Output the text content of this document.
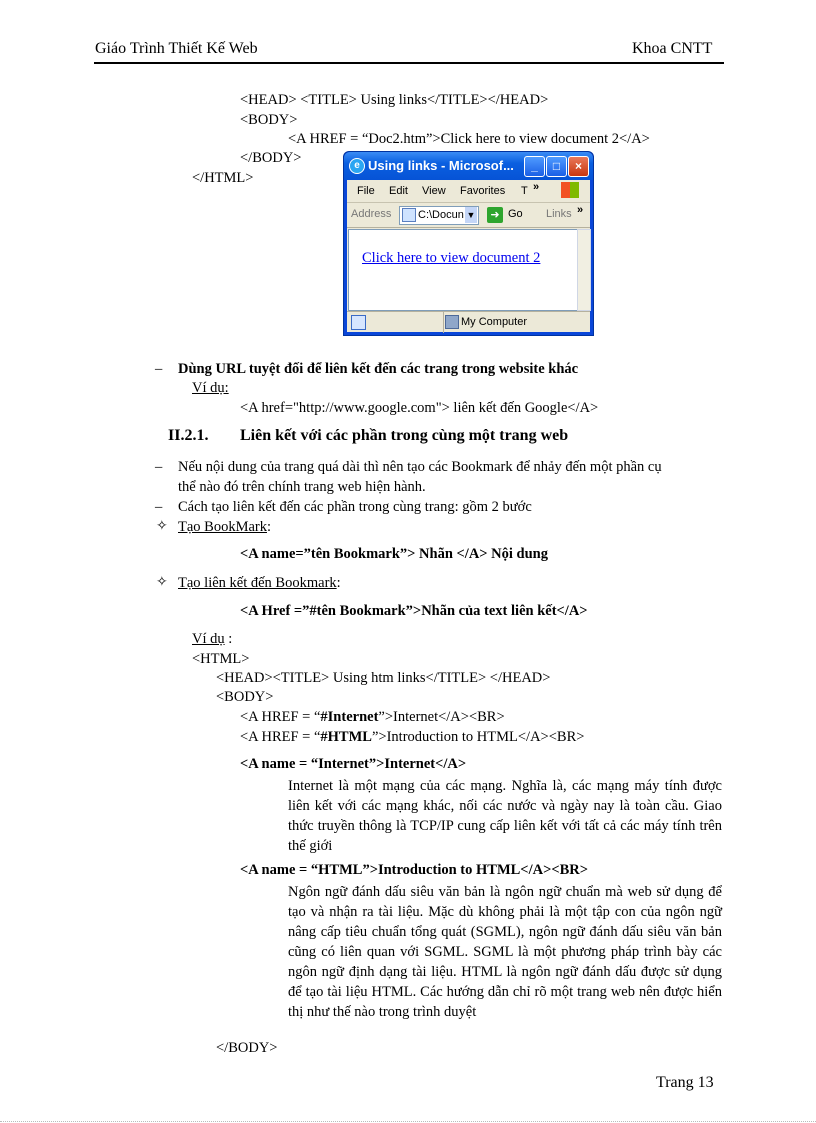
Giáo Trình Thiết Kế Web	Khoa CNTT
<HEAD> <TITLE> Using links</TITLE></HEAD>
<BODY>
<A HREF = “Doc2.htm”>Click here to view document 2</A>
</BODY>
</HTML>
e Using links - Microsof...	_	□	×
File Edit View Favorites T »
Address C:\Docun ▼	➜ Go Links »
Click here to view document 2
My Computer
– Dùng URL tuyệt đối để liên kết đến các trang trong website khác
Ví dụ:
<A href="http://www.google.com"> liên kết đến Google</A>
II.2.1. Liên kết với các phần trong cùng một trang web
– Nếu nội dung của trang quá dài thì nên tạo các Bookmark để nhảy đến một phần cụ
thể nào đó trên chính trang web hiện hành.
– Cách tạo liên kết đến các phần trong cùng trang: gồm 2 bước
✧ Tạo BookMark:
<A name=”tên Bookmark”> Nhãn </A> Nội dung
✧ Tạo liên kết đến Bookmark:
<A Href =”#tên Bookmark”>Nhãn của text liên kết</A>
Ví dụ :
<HTML>
<HEAD><TITLE> Using htm links</TITLE> </HEAD>
<BODY>
<A HREF = “#Internet”>Internet</A><BR>
<A HREF = “#HTML”>Introduction to HTML</A><BR>
<A name = “Internet”>Internet</A>
Internet là một mạng của các mạng. Nghĩa là, các mạng máy tính được liên kết với các mạng khác, nối các nước và ngày nay là toàn cầu. Giao thức truyền thông là TCP/IP cung cấp liên kết với tất cả các máy tính trên thế giới
<A name = “HTML”>Introduction to HTML</A><BR>
Ngôn ngữ đánh dấu siêu văn bản là ngôn ngữ chuẩn mà web sử dụng để tạo và nhận ra tài liệu. Mặc dù không phải là một tập con của ngôn ngữ nâng cấp tiêu chuẩn tổng quát (SGML), ngôn ngữ đánh dấu siêu văn bản cũng có liên quan với SGML. SGML là một phương pháp trình bày các ngôn ngữ định dạng tài liệu. HTML là ngôn ngữ đánh dấu được sử dụng để tạo tài liệu HTML. Các hướng dẫn chỉ rõ một trang web nên được hiển thị như thế nào trong trình duyệt
</BODY>
Trang 13
